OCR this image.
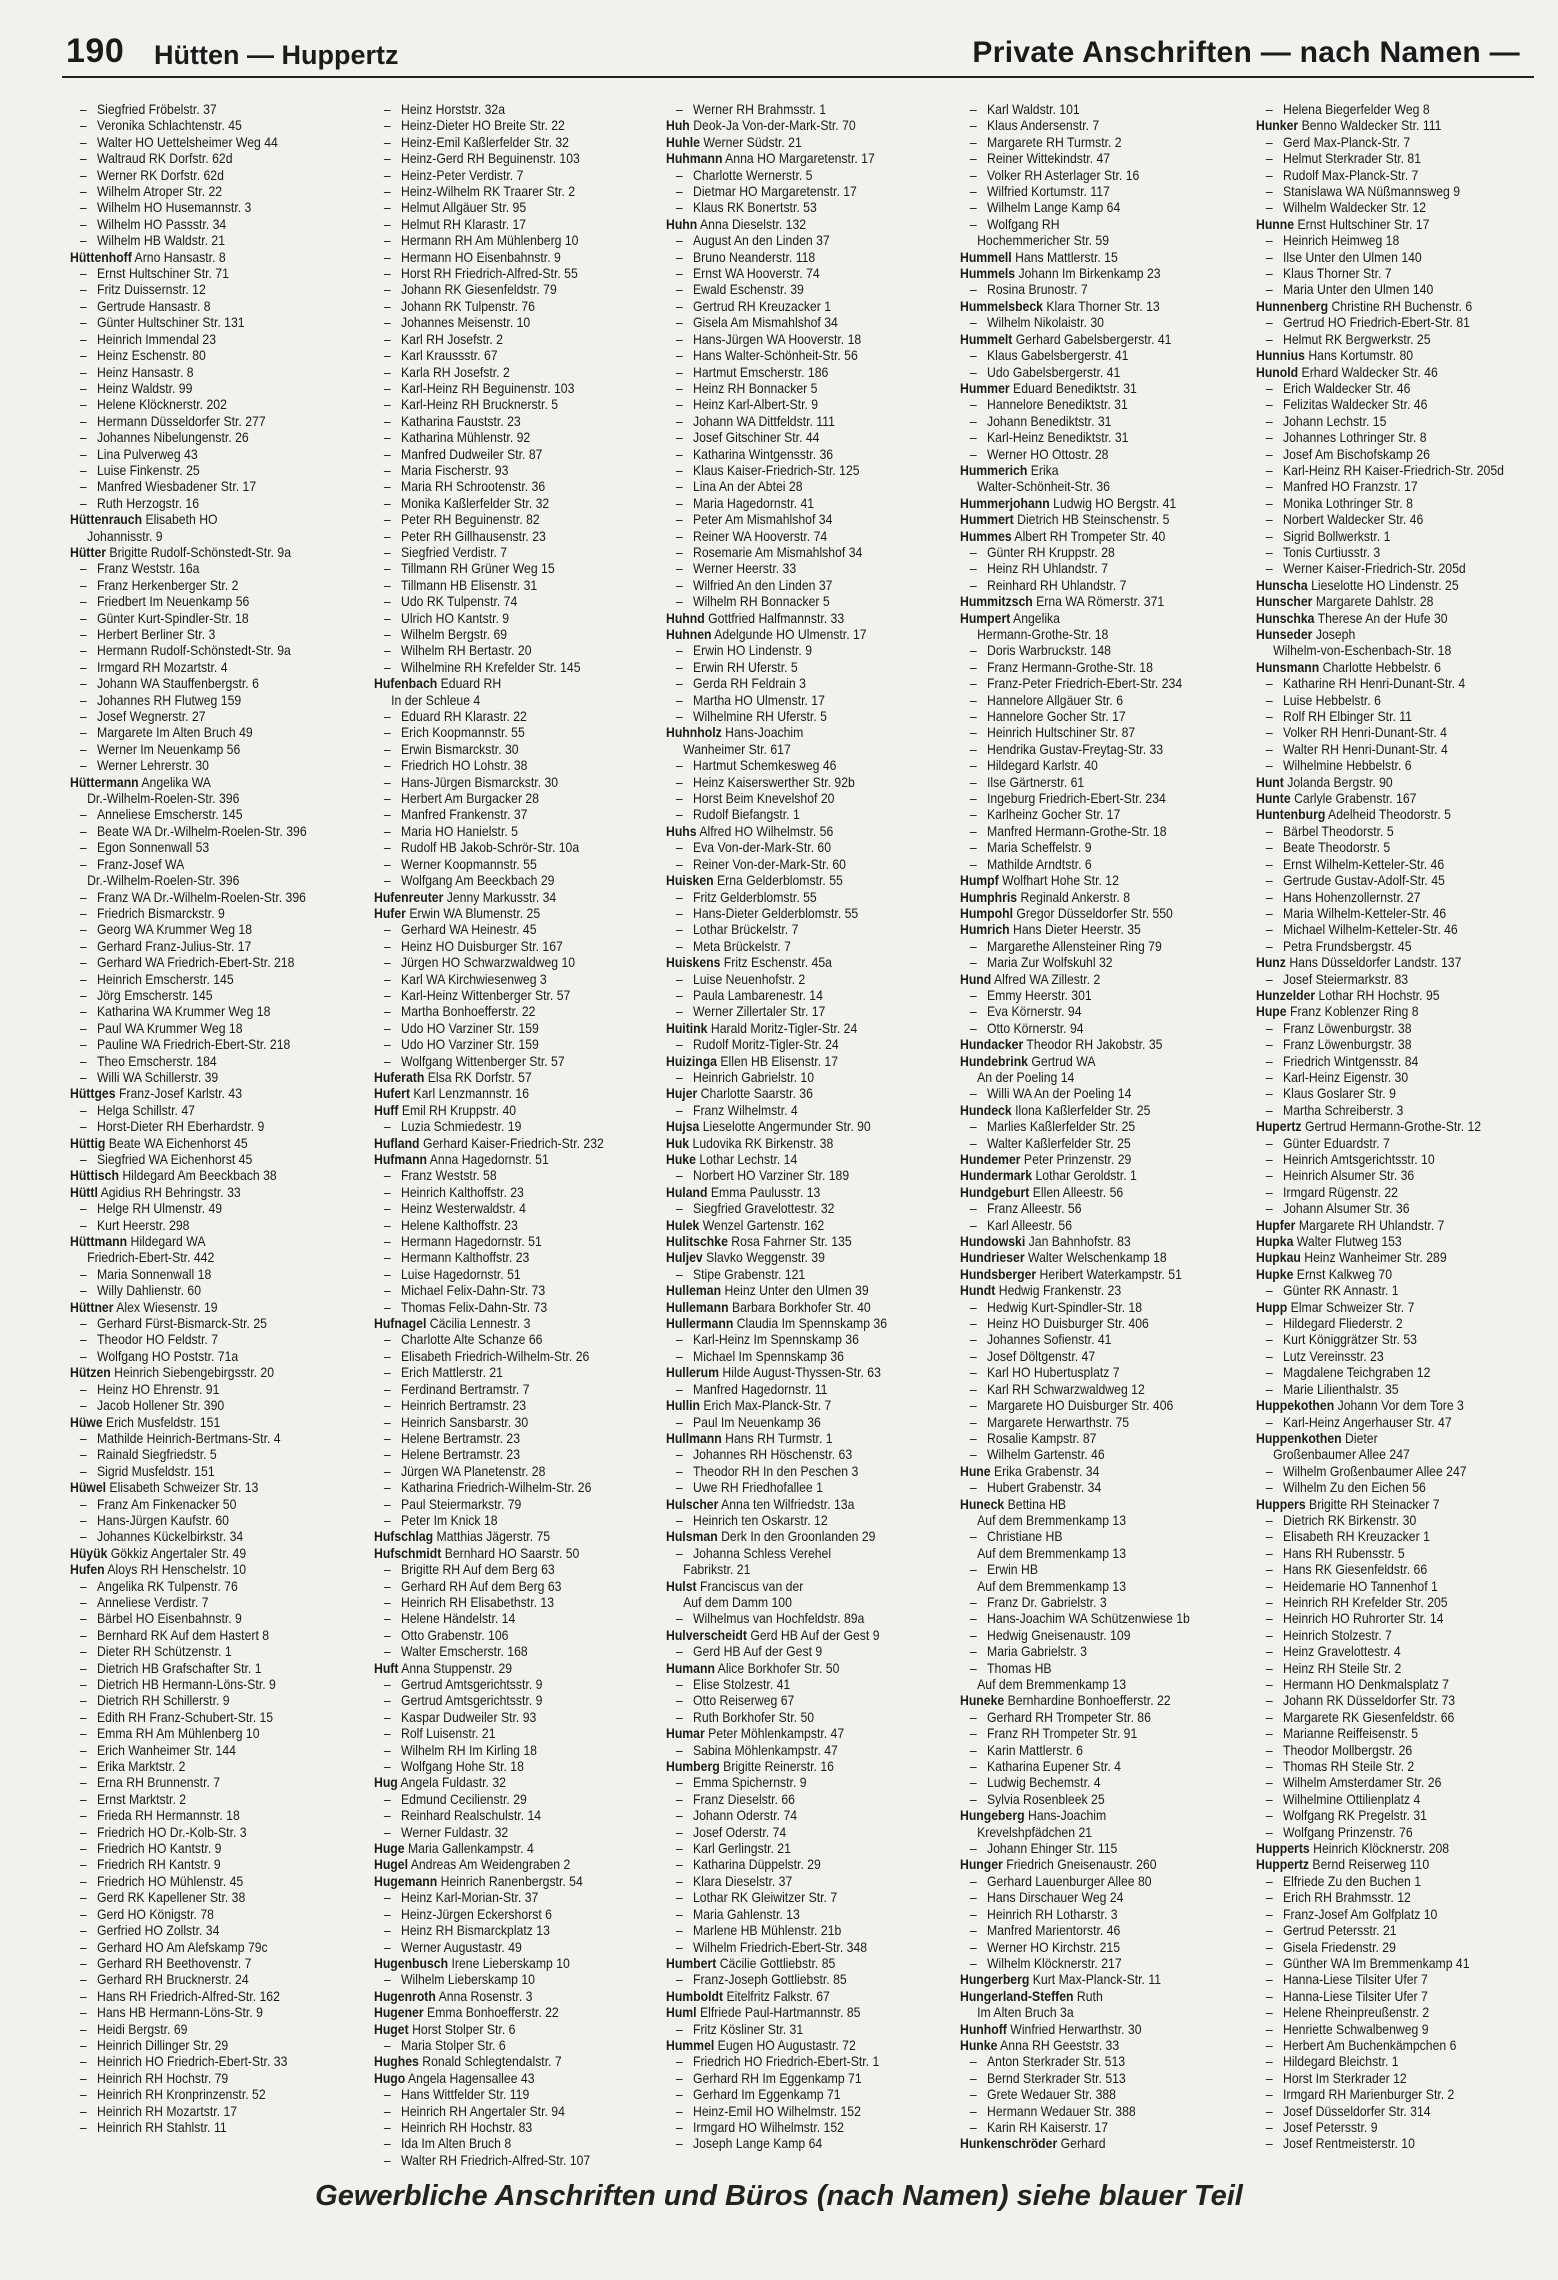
190 Hütten — Huppertz	Private Anschriften — nach Namen —
– Siegfried Fröbelstr. 37
– Veronika Schlachtenstr. 45
– Walter HO Uettelsheimer Weg 44
– Waltraud RK Dorfstr. 62d
– Werner RK Dorfstr. 62d
– Wilhelm Atroper Str. 22
– Wilhelm HO Husemannstr. 3
– Wilhelm HO Passstr. 34
– Wilhelm HB Waldstr. 21
Hüttenhoff Arno Hansastr. 8
– Ernst Hultschiner Str. 71
– Fritz Duissernstr. 12
– Gertrude Hansastr. 8
– Günter Hultschiner Str. 131
– Heinrich Immendal 23
– Heinz Eschenstr. 80
– Heinz Hansastr. 8
– Heinz Waldstr. 99
– Helene Klöcknerstr. 202
– Hermann Düsseldorfer Str. 277
– Johannes Nibelungenstr. 26
– Lina Pulverweg 43
– Luise Finkenstr. 25
– Manfred Wiesbadener Str. 17
– Ruth Herzogstr. 16
Hüttenrauch Elisabeth HO
Johannisstr. 9
Hütter Brigitte Rudolf-Schönstedt-Str. 9a
– Franz Weststr. 16a
– Franz Herkenberger Str. 2
– Friedbert Im Neuenkamp 56
– Günter Kurt-Spindler-Str. 18
– Herbert Berliner Str. 3
– Hermann Rudolf-Schönstedt-Str. 9a
– Irmgard RH Mozartstr. 4
– Johann WA Stauffenbergstr. 6
– Johannes RH Flutweg 159
– Josef Wegnerstr. 27
– Margarete Im Alten Bruch 49
– Werner Im Neuenkamp 56
– Werner Lehrerstr. 30
Hüttermann Angelika WA
Dr.-Wilhelm-Roelen-Str. 396
– Anneliese Emscherstr. 145
– Beate WA Dr.-Wilhelm-Roelen-Str. 396
– Egon Sonnenwall 53
– Franz-Josef WA
Dr.-Wilhelm-Roelen-Str. 396
– Franz WA Dr.-Wilhelm-Roelen-Str. 396
– Friedrich Bismarckstr. 9
– Georg WA Krummer Weg 18
– Gerhard Franz-Julius-Str. 17
– Gerhard WA Friedrich-Ebert-Str. 218
– Heinrich Emscherstr. 145
– Jörg Emscherstr. 145
– Katharina WA Krummer Weg 18
– Paul WA Krummer Weg 18
– Pauline WA Friedrich-Ebert-Str. 218
– Theo Emscherstr. 184
– Willi WA Schillerstr. 39
Hüttges Franz-Josef Karlstr. 43
– Helga Schillstr. 47
– Horst-Dieter RH Eberhardstr. 9
Hüttig Beate WA Eichenhorst 45
– Siegfried WA Eichenhorst 45
Hüttisch Hildegard Am Beeckbach 38
Hüttl Agidius RH Behringstr. 33
– Helge RH Ulmenstr. 49
– Kurt Heerstr. 298
Hüttmann Hildegard WA
Friedrich-Ebert-Str. 442
– Maria Sonnenwall 18
– Willy Dahlienstr. 60
Hüttner Alex Wiesenstr. 19
– Gerhard Fürst-Bismarck-Str. 25
– Theodor HO Feldstr. 7
– Wolfgang HO Poststr. 71a
Hützen Heinrich Siebengebirgsstr. 20
– Heinz HO Ehrenstr. 91
– Jacob Hollener Str. 390
Hüwe Erich Musfeldstr. 151
– Mathilde Heinrich-Bertmans-Str. 4
– Rainald Siegfriedstr. 5
– Sigrid Musfeldstr. 151
Hüwel Elisabeth Schweizer Str. 13
– Franz Am Finkenacker 50
– Hans-Jürgen Kaufstr. 60
– Johannes Kückelbirkstr. 34
Hüyük Gökkiz Angertaler Str. 49
Hufen Aloys RH Henschelstr. 10
– Angelika RK Tulpenstr. 76
– Anneliese Verdistr. 7
– Bärbel HO Eisenbahnstr. 9
– Bernhard RK Auf dem Hastert 8
– Dieter RH Schützenstr. 1
– Dietrich HB Grafschafter Str. 1
– Dietrich HB Hermann-Löns-Str. 9
– Dietrich RH Schillerstr. 9
– Edith RH Franz-Schubert-Str. 15
– Emma RH Am Mühlenberg 10
– Erich Wanheimer Str. 144
– Erika Marktstr. 2
– Erna RH Brunnenstr. 7
– Ernst Marktstr. 2
– Frieda RH Hermannstr. 18
– Friedrich HO Dr.-Kolb-Str. 3
– Friedrich HO Kantstr. 9
– Friedrich RH Kantstr. 9
– Friedrich HO Mühlenstr. 45
– Gerd RK Kapellener Str. 38
– Gerd HO Königstr. 78
– Gerfried HO Zollstr. 34
– Gerhard HO Am Alefskamp 79c
– Gerhard RH Beethovenstr. 7
– Gerhard RH Brucknerstr. 24
– Hans RH Friedrich-Alfred-Str. 162
– Hans HB Hermann-Löns-Str. 9
– Heidi Bergstr. 69
– Heinrich Dillinger Str. 29
– Heinrich HO Friedrich-Ebert-Str. 33
– Heinrich RH Hochstr. 79
– Heinrich RH Kronprinzenstr. 52
– Heinrich RH Mozartstr. 17
– Heinrich RH Stahlstr. 11
– Heinz Horststr. 32a
– Heinz-Dieter HO Breite Str. 22
– Heinz-Emil Kaßlerfelder Str. 32
– Heinz-Gerd RH Beguinenstr. 103
– Heinz-Peter Verdistr. 7
– Heinz-Wilhelm RK Traarer Str. 2
– Helmut Allgäuer Str. 95
– Helmut RH Klarastr. 17
– Hermann RH Am Mühlenberg 10
– Hermann HO Eisenbahnstr. 9
– Horst RH Friedrich-Alfred-Str. 55
– Johann RK Giesenfeldstr. 79
– Johann RK Tulpenstr. 76
– Johannes Meisenstr. 10
– Karl RH Josefstr. 2
– Karl Kraussstr. 67
– Karla RH Josefstr. 2
– Karl-Heinz RH Beguinenstr. 103
– Karl-Heinz RH Brucknerstr. 5
– Katharina Fauststr. 23
– Katharina Mühlenstr. 92
– Manfred Dudweiler Str. 87
– Maria Fischerstr. 93
– Maria RH Schrootenstr. 36
– Monika Kaßlerfelder Str. 32
– Peter RH Beguinenstr. 82
– Peter RH Gillhausenstr. 23
– Siegfried Verdistr. 7
– Tillmann RH Grüner Weg 15
– Tillmann HB Elisenstr. 31
– Udo RK Tulpenstr. 74
– Ulrich HO Kantstr. 9
– Wilhelm Bergstr. 69
– Wilhelm RH Bertastr. 20
– Wilhelmine RH Krefelder Str. 145
Hufenbach Eduard RH
In der Schleue 4
– Eduard RH Klarastr. 22
– Erich Koopmannstr. 55
– Erwin Bismarckstr. 30
– Friedrich HO Lohstr. 38
– Hans-Jürgen Bismarckstr. 30
– Herbert Am Burgacker 28
– Manfred Frankenstr. 37
– Maria HO Hanielstr. 5
– Rudolf HB Jakob-Schrör-Str. 10a
– Werner Koopmannstr. 55
– Wolfgang Am Beeckbach 29
Hufenreuter Jenny Markusstr. 34
Hufer Erwin WA Blumenstr. 25
– Gerhard WA Heinestr. 45
– Heinz HO Duisburger Str. 167
– Jürgen HO Schwarzwaldweg 10
– Karl WA Kirchwiesenweg 3
– Karl-Heinz Wittenberger Str. 57
– Martha Bonhoefferstr. 22
– Udo HO Varziner Str. 159
– Udo HO Varziner Str. 159
– Wolfgang Wittenberger Str. 57
Huferath Elsa RK Dorfstr. 57
Hufert Karl Lenzmannstr. 16
Huff Emil RH Kruppstr. 40
– Luzia Schmiedestr. 19
Hufland Gerhard Kaiser-Friedrich-Str. 232
Hufmann Anna Hagedornstr. 51
– Franz Weststr. 58
– Heinrich Kalthoffstr. 23
– Heinz Westerwaldstr. 4
– Helene Kalthoffstr. 23
– Hermann Hagedornstr. 51
– Hermann Kalthoffstr. 23
– Luise Hagedornstr. 51
– Michael Felix-Dahn-Str. 73
– Thomas Felix-Dahn-Str. 73
Hufnagel Cäcilia Lennestr. 3
– Charlotte Alte Schanze 66
– Elisabeth Friedrich-Wilhelm-Str. 26
– Erich Mattlerstr. 21
– Ferdinand Bertramstr. 7
– Heinrich Bertramstr. 23
– Heinrich Sansbarstr. 30
– Helene Bertramstr. 23
– Helene Bertramstr. 23
– Jürgen WA Planetenstr. 28
– Katharina Friedrich-Wilhelm-Str. 26
– Paul Steiermarkstr. 79
– Peter Im Knick 18
Hufschlag Matthias Jägerstr. 75
Hufschmidt Bernhard HO Saarstr. 50
– Brigitte RH Auf dem Berg 63
– Gerhard RH Auf dem Berg 63
– Heinrich RH Elisabethstr. 13
– Helene Händelstr. 14
– Otto Grabenstr. 106
– Walter Emscherstr. 168
Huft Anna Stuppenstr. 29
– Gertrud Amtsgerichtsstr. 9
– Gertrud Amtsgerichtsstr. 9
– Kaspar Dudweiler Str. 93
– Rolf Luisenstr. 21
– Wilhelm RH Im Kirling 18
– Wolfgang Hohe Str. 18
Hug Angela Fuldastr. 32
– Edmund Cecilienstr. 29
– Reinhard Realschulstr. 14
– Werner Fuldastr. 32
Huge Maria Gallenkampstr. 4
Hugel Andreas Am Weidengraben 2
Hugemann Heinrich Ranenbergstr. 54
– Heinz Karl-Morian-Str. 37
– Heinz-Jürgen Eckershorst 6
– Heinz RH Bismarckplatz 13
– Werner Augustastr. 49
Hugenbusch Irene Lieberskamp 10
– Wilhelm Lieberskamp 10
Hugenroth Anna Rosenstr. 3
Hugener Emma Bonhoefferstr. 22
Huget Horst Stolper Str. 6
– Maria Stolper Str. 6
Hughes Ronald Schlegtendalstr. 7
Hugo Angela Hagensallee 43
– Hans Wittfelder Str. 119
– Heinrich RH Angertaler Str. 94
– Heinrich RH Hochstr. 83
– Ida Im Alten Bruch 8
– Walter RH Friedrich-Alfred-Str. 107
– Werner RH Brahmsstr. 1
Huh Deok-Ja Von-der-Mark-Str. 70
Huhle Werner Südstr. 21
Huhmann Anna HO Margaretenstr. 17
– Charlotte Wernerstr. 5
– Dietmar HO Margaretenstr. 17
– Klaus RK Bonertstr. 53
Huhn Anna Dieselstr. 132
– August An den Linden 37
– Bruno Neanderstr. 118
– Ernst WA Hooverstr. 74
– Ewald Eschenstr. 39
– Gertrud RH Kreuzacker 1
– Gisela Am Mismahlshof 34
– Hans-Jürgen WA Hooverstr. 18
– Hans Walter-Schönheit-Str. 56
– Hartmut Emscherstr. 186
– Heinz RH Bonnacker 5
– Heinz Karl-Albert-Str. 9
– Johann WA Dittfeldstr. 111
– Josef Gitschiner Str. 44
– Katharina Wintgensstr. 36
– Klaus Kaiser-Friedrich-Str. 125
– Lina An der Abtei 28
– Maria Hagedornstr. 41
– Peter Am Mismahlshof 34
– Reiner WA Hooverstr. 74
– Rosemarie Am Mismahlshof 34
– Werner Heerstr. 33
– Wilfried An den Linden 37
– Wilhelm RH Bonnacker 5
Huhnd Gottfried Halfmannstr. 33
Huhnen Adelgunde HO Ulmenstr. 17
– Erwin HO Lindenstr. 9
– Erwin RH Uferstr. 5
– Gerda RH Feldrain 3
– Martha HO Ulmenstr. 17
– Wilhelmine RH Uferstr. 5
Huhnholz Hans-Joachim
Wanheimer Str. 617
– Hartmut Schemkesweg 46
– Heinz Kaiserswerther Str. 92b
– Horst Beim Knevelshof 20
– Rudolf Biefangstr. 1
Huhs Alfred HO Wilhelmstr. 56
– Eva Von-der-Mark-Str. 60
– Reiner Von-der-Mark-Str. 60
Huisken Erna Gelderblomstr. 55
– Fritz Gelderblomstr. 55
– Hans-Dieter Gelderblomstr. 55
– Lothar Brückelstr. 7
– Meta Brückelstr. 7
Huiskens Fritz Eschenstr. 45a
– Luise Neuenhofstr. 2
– Paula Lambarenestr. 14
– Werner Zillertaler Str. 17
Huitink Harald Moritz-Tigler-Str. 24
– Rudolf Moritz-Tigler-Str. 24
Huizinga Ellen HB Elisenstr. 17
– Heinrich Gabrielstr. 10
Hujer Charlotte Saarstr. 36
– Franz Wilhelmstr. 4
Hujsa Lieselotte Angermunder Str. 90
Huk Ludovika RK Birkenstr. 38
Huke Lothar Lechstr. 14
– Norbert HO Varziner Str. 189
Huland Emma Paulusstr. 13
– Siegfried Gravelottestr. 32
Hulek Wenzel Gartenstr. 162
Hulitschke Rosa Fahrner Str. 135
Huljev Slavko Weggenstr. 39
– Stipe Grabenstr. 121
Hulleman Heinz Unter den Ulmen 39
Hullemann Barbara Borkhofer Str. 40
Hullermann Claudia Im Spennskamp 36
– Karl-Heinz Im Spennskamp 36
– Michael Im Spennskamp 36
Hullerum Hilde August-Thyssen-Str. 63
– Manfred Hagedornstr. 11
Hullin Erich Max-Planck-Str. 7
– Paul Im Neuenkamp 36
Hullmann Hans RH Turmstr. 1
– Johannes RH Höschenstr. 63
– Theodor RH In den Peschen 3
– Uwe RH Friedhofallee 1
Hulscher Anna ten Wilfriedstr. 13a
– Heinrich ten Oskarstr. 12
Hulsman Derk In den Groonlanden 29
– Johanna Schless Verehel
Fabrikstr. 21
Hulst Franciscus van der
Auf dem Damm 100
– Wilhelmus van Hochfeldstr. 89a
Hulverscheidt Gerd HB Auf der Gest 9
– Gerd HB Auf der Gest 9
Humann Alice Borkhofer Str. 50
– Elise Stolzestr. 41
– Otto Reiserweg 67
– Ruth Borkhofer Str. 50
Humar Peter Möhlenkampstr. 47
– Sabina Möhlenkampstr. 47
Humberg Brigitte Reinerstr. 16
– Emma Spichernstr. 9
– Franz Dieselstr. 66
– Johann Oderstr. 74
– Josef Oderstr. 74
– Karl Gerlingstr. 21
– Katharina Düppelstr. 29
– Klara Dieselstr. 37
– Lothar RK Gleiwitzer Str. 7
– Maria Gahlenstr. 13
– Marlene HB Mühlenstr. 21b
– Wilhelm Friedrich-Ebert-Str. 348
Humbert Cäcilie Gottliebstr. 85
– Franz-Joseph Gottliebstr. 85
Humboldt Eitelfritz Falkstr. 67
Huml Elfriede Paul-Hartmannstr. 85
– Fritz Kösliner Str. 31
Hummel Eugen HO Augustastr. 72
– Friedrich HO Friedrich-Ebert-Str. 1
– Gerhard RH Im Eggenkamp 71
– Gerhard Im Eggenkamp 71
– Heinz-Emil HO Wilhelmstr. 152
– Irmgard HO Wilhelmstr. 152
– Joseph Lange Kamp 64
– Karl Waldstr. 101
– Klaus Andersenstr. 7
– Margarete RH Turmstr. 2
– Reiner Wittekindstr. 47
– Volker RH Asterlager Str. 16
– Wilfried Kortumstr. 117
– Wilhelm Lange Kamp 64
– Wolfgang RH
Hochemmericher Str. 59
Hummell Hans Mattlerstr. 15
Hummels Johann Im Birkenkamp 23
– Rosina Brunostr. 7
Hummelsbeck Klara Thorner Str. 13
– Wilhelm Nikolaistr. 30
Hummelt Gerhard Gabelsbergerstr. 41
– Klaus Gabelsbergerstr. 41
– Udo Gabelsbergerstr. 41
Hummer Eduard Benediktstr. 31
– Hannelore Benediktstr. 31
– Johann Benediktstr. 31
– Karl-Heinz Benediktstr. 31
– Werner HO Ottostr. 28
Hummerich Erika
Walter-Schönheit-Str. 36
Hummerjohann Ludwig HO Bergstr. 41
Hummert Dietrich HB Steinschenstr. 5
Hummes Albert RH Trompeter Str. 40
– Günter RH Kruppstr. 28
– Heinz RH Uhlandstr. 7
– Reinhard RH Uhlandstr. 7
Hummitzsch Erna WA Römerstr. 371
Humpert Angelika
Hermann-Grothe-Str. 18
– Doris Warbruckstr. 148
– Franz Hermann-Grothe-Str. 18
– Franz-Peter Friedrich-Ebert-Str. 234
– Hannelore Allgäuer Str. 6
– Hannelore Gocher Str. 17
– Heinrich Hultschiner Str. 87
– Hendrika Gustav-Freytag-Str. 33
– Hildegard Karlstr. 40
– Ilse Gärtnerstr. 61
– Ingeburg Friedrich-Ebert-Str. 234
– Karlheinz Gocher Str. 17
– Manfred Hermann-Grothe-Str. 18
– Maria Scheffelstr. 9
– Mathilde Arndtstr. 6
Humpf Wolfhart Hohe Str. 12
Humphris Reginald Ankerstr. 8
Humpohl Gregor Düsseldorfer Str. 550
Humrich Hans Dieter Heerstr. 35
– Margarethe Allensteiner Ring 79
– Maria Zur Wolfskuhl 32
Hund Alfred WA Zillestr. 2
– Emmy Heerstr. 301
– Eva Körnerstr. 94
– Otto Körnerstr. 94
Hundacker Theodor RH Jakobstr. 35
Hundebrink Gertrud WA
An der Poeling 14
– Willi WA An der Poeling 14
Hundeck Ilona Kaßlerfelder Str. 25
– Marlies Kaßlerfelder Str. 25
– Walter Kaßlerfelder Str. 25
Hundemer Peter Prinzenstr. 29
Hundermark Lothar Geroldstr. 1
Hundgeburt Ellen Alleestr. 56
– Franz Alleestr. 56
– Karl Alleestr. 56
Hundowski Jan Bahnhofstr. 83
Hundrieser Walter Welschenkamp 18
Hundsberger Heribert Waterkampstr. 51
Hundt Hedwig Frankenstr. 23
– Hedwig Kurt-Spindler-Str. 18
– Heinz HO Duisburger Str. 406
– Johannes Sofienstr. 41
– Josef Döltgenstr. 47
– Karl HO Hubertusplatz 7
– Karl RH Schwarzwaldweg 12
– Margarete HO Duisburger Str. 406
– Margarete Herwarthstr. 75
– Rosalie Kampstr. 87
– Wilhelm Gartenstr. 46
Hune Erika Grabenstr. 34
– Hubert Grabenstr. 34
Huneck Bettina HB
Auf dem Bremmenkamp 13
– Christiane HB
Auf dem Bremmenkamp 13
– Erwin HB
Auf dem Bremmenkamp 13
– Franz Dr. Gabrielstr. 3
– Hans-Joachim WA Schützenwiese 1b
– Hedwig Gneisenaustr. 109
– Maria Gabrielstr. 3
– Thomas HB
Auf dem Bremmenkamp 13
Huneke Bernhardine Bonhoefferstr. 22
– Gerhard RH Trompeter Str. 86
– Franz RH Trompeter Str. 91
– Karin Mattlerstr. 6
– Katharina Eupener Str. 4
– Ludwig Bechemstr. 4
– Sylvia Rosenbleek 25
Hungeberg Hans-Joachim
Krevelshpfädchen 21
– Johann Ehinger Str. 115
Hunger Friedrich Gneisenaustr. 260
– Gerhard Lauenburger Allee 80
– Hans Dirschauer Weg 24
– Heinrich RH Lotharstr. 3
– Manfred Marientorstr. 46
– Werner HO Kirchstr. 215
– Wilhelm Klöcknerstr. 217
Hungerberg Kurt Max-Planck-Str. 11
Hungerland-Steffen Ruth
Im Alten Bruch 3a
Hunhoff Winfried Herwarthstr. 30
Hunke Anna RH Geeststr. 33
– Anton Sterkrader Str. 513
– Bernd Sterkrader Str. 513
– Grete Wedauer Str. 388
– Hermann Wedauer Str. 388
– Karin RH Kaiserstr. 17
Hunkenschröder Gerhard
– Helena Biegerfelder Weg 8
Hunker Benno Waldecker Str. 111
– Gerd Max-Planck-Str. 7
– Helmut Sterkrader Str. 81
– Rudolf Max-Planck-Str. 7
– Stanislawa WA Nüßmannsweg 9
– Wilhelm Waldecker Str. 12
Hunne Ernst Hultschiner Str. 17
– Heinrich Heimweg 18
– Ilse Unter den Ulmen 140
– Klaus Thorner Str. 7
– Maria Unter den Ulmen 140
Hunnenberg Christine RH Buchenstr. 6
– Gertrud HO Friedrich-Ebert-Str. 81
– Helmut RK Bergwerkstr. 25
Hunnius Hans Kortumstr. 80
Hunold Erhard Waldecker Str. 46
– Erich Waldecker Str. 46
– Felizitas Waldecker Str. 46
– Johann Lechstr. 15
– Johannes Lothringer Str. 8
– Josef Am Bischofskamp 26
– Karl-Heinz RH Kaiser-Friedrich-Str. 205d
– Manfred HO Franzstr. 17
– Monika Lothringer Str. 8
– Norbert Waldecker Str. 46
– Sigrid Bollwerkstr. 1
– Tonis Curtiusstr. 3
– Werner Kaiser-Friedrich-Str. 205d
Hunscha Lieselotte HO Lindenstr. 25
Hunscher Margarete Dahlstr. 28
Hunschka Therese An der Hufe 30
Hunseder Joseph
Wilhelm-von-Eschenbach-Str. 18
Hunsmann Charlotte Hebbelstr. 6
– Katharine RH Henri-Dunant-Str. 4
– Luise Hebbelstr. 6
– Rolf RH Elbinger Str. 11
– Volker RH Henri-Dunant-Str. 4
– Walter RH Henri-Dunant-Str. 4
– Wilhelmine Hebbelstr. 6
Hunt Jolanda Bergstr. 90
Hunte Carlyle Grabenstr. 167
Huntenburg Adelheid Theodorstr. 5
– Bärbel Theodorstr. 5
– Beate Theodorstr. 5
– Ernst Wilhelm-Ketteler-Str. 46
– Gertrude Gustav-Adolf-Str. 45
– Hans Hohenzollernstr. 27
– Maria Wilhelm-Ketteler-Str. 46
– Michael Wilhelm-Ketteler-Str. 46
– Petra Frundsbergstr. 45
Hunz Hans Düsseldorfer Landstr. 137
– Josef Steiermarkstr. 83
Hunzelder Lothar RH Hochstr. 95
Hupe Franz Koblenzer Ring 8
– Franz Löwenburgstr. 38
– Franz Löwenburgstr. 38
– Friedrich Wintgensstr. 84
– Karl-Heinz Eigenstr. 30
– Klaus Goslarer Str. 9
– Martha Schreiberstr. 3
Hupertz Gertrud Hermann-Grothe-Str. 12
– Günter Eduardstr. 7
– Heinrich Amtsgerichtsstr. 10
– Heinrich Alsumer Str. 36
– Irmgard Rügenstr. 22
– Johann Alsumer Str. 36
Hupfer Margarete RH Uhlandstr. 7
Hupka Walter Flutweg 153
Hupkau Heinz Wanheimer Str. 289
Hupke Ernst Kalkweg 70
– Günter RK Annastr. 1
Hupp Elmar Schweizer Str. 7
– Hildegard Fliederstr. 2
– Kurt Königgrätzer Str. 53
– Lutz Vereinsstr. 23
– Magdalene Teichgraben 12
– Marie Lilienthalstr. 35
Huppekothen Johann Vor dem Tore 3
– Karl-Heinz Angerhauser Str. 47
Huppenkothen Dieter
Großenbaumer Allee 247
– Wilhelm Großenbaumer Allee 247
– Wilhelm Zu den Eichen 56
Huppers Brigitte RH Steinacker 7
– Dietrich RK Birkenstr. 30
– Elisabeth RH Kreuzacker 1
– Hans RH Rubensstr. 5
– Hans RK Giesenfeldstr. 66
– Heidemarie HO Tannenhof 1
– Heinrich RH Krefelder Str. 205
– Heinrich HO Ruhrorter Str. 14
– Heinrich Stolzestr. 7
– Heinz Gravelottestr. 4
– Heinz RH Steile Str. 2
– Hermann HO Denkmalsplatz 7
– Johann RK Düsseldorfer Str. 73
– Margarete RK Giesenfeldstr. 66
– Marianne Reiffeisenstr. 5
– Theodor Mollbergstr. 26
– Thomas RH Steile Str. 2
– Wilhelm Amsterdamer Str. 26
– Wilhelmine Ottilienplatz 4
– Wolfgang RK Pregelstr. 31
– Wolfgang Prinzenstr. 76
Hupperts Heinrich Klöcknerstr. 208
Huppertz Bernd Reiserweg 110
– Elfriede Zu den Buchen 1
– Erich RH Brahmsstr. 12
– Franz-Josef Am Golfplatz 10
– Gertrud Petersstr. 21
– Gisela Friedenstr. 29
– Günther WA Im Bremmenkamp 41
– Hanna-Liese Tilsiter Ufer 7
– Hanna-Liese Tilsiter Ufer 7
– Helene Rheinpreußenstr. 2
– Henriette Schwalbenweg 9
– Herbert Am Buchenkämpchen 6
– Hildegard Bleichstr. 1
– Horst Im Sterkrader 12
– Irmgard RH Marienburger Str. 2
– Josef Düsseldorfer Str. 314
– Josef Petersstr. 9
– Josef Rentmeisterstr. 10
Gewerbliche Anschriften und Büros (nach Namen) siehe blauer Teil
